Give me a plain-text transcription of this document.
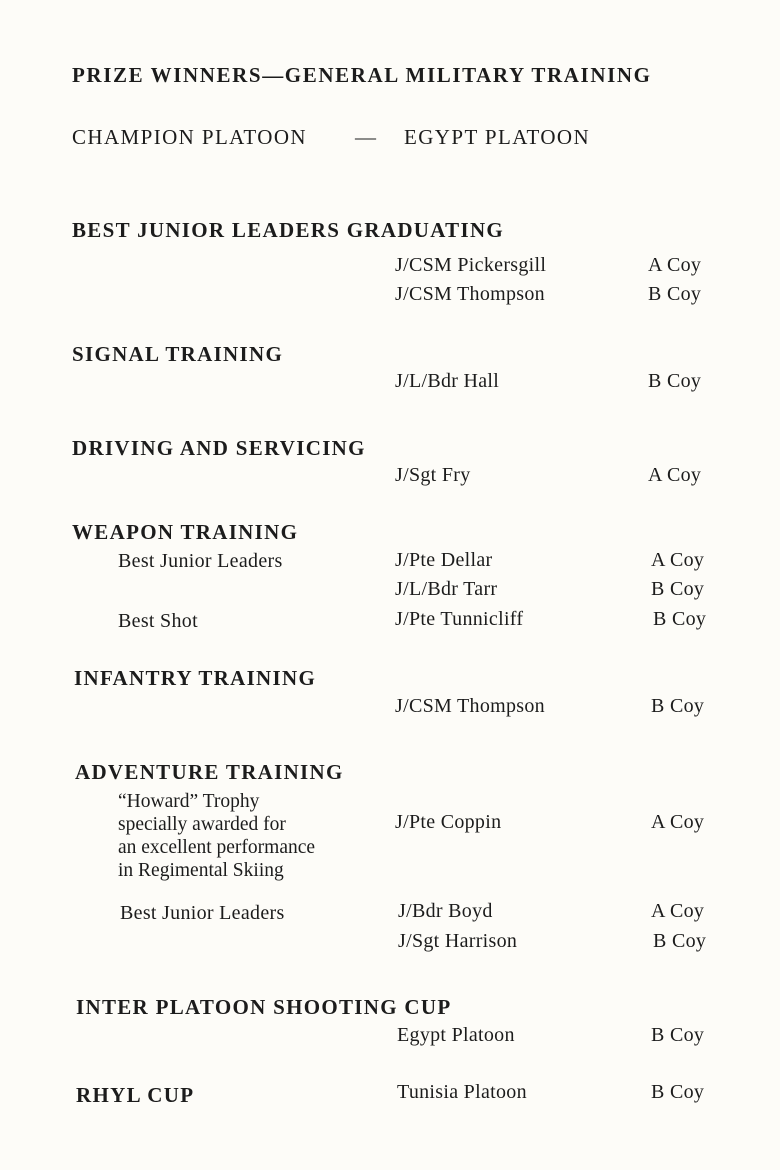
PRIZE WINNERS—GENERAL MILITARY TRAINING
CHAMPION PLATOON — EGYPT PLATOON
BEST JUNIOR LEADERS GRADUATING
J/CSM Pickersgill	A Coy
J/CSM Thompson	B Coy
SIGNAL TRAINING
J/L/Bdr Hall	B Coy
DRIVING AND SERVICING
J/Sgt Fry	A Coy
WEAPON TRAINING
Best Junior Leaders	J/Pte Dellar	A Coy
J/L/Bdr Tarr	B Coy
Best Shot	J/Pte Tunnicliff	B Coy
INFANTRY TRAINING
J/CSM Thompson	B Coy
ADVENTURE TRAINING
“Howard” Trophy
specially awarded for
an excellent performance
in Regimental Skiing
J/Pte Coppin	A Coy
Best Junior Leaders	J/Bdr Boyd	A Coy
J/Sgt Harrison	B Coy
INTER PLATOON SHOOTING CUP
Egypt Platoon	B Coy
RHYL CUP	Tunisia Platoon	B Coy
